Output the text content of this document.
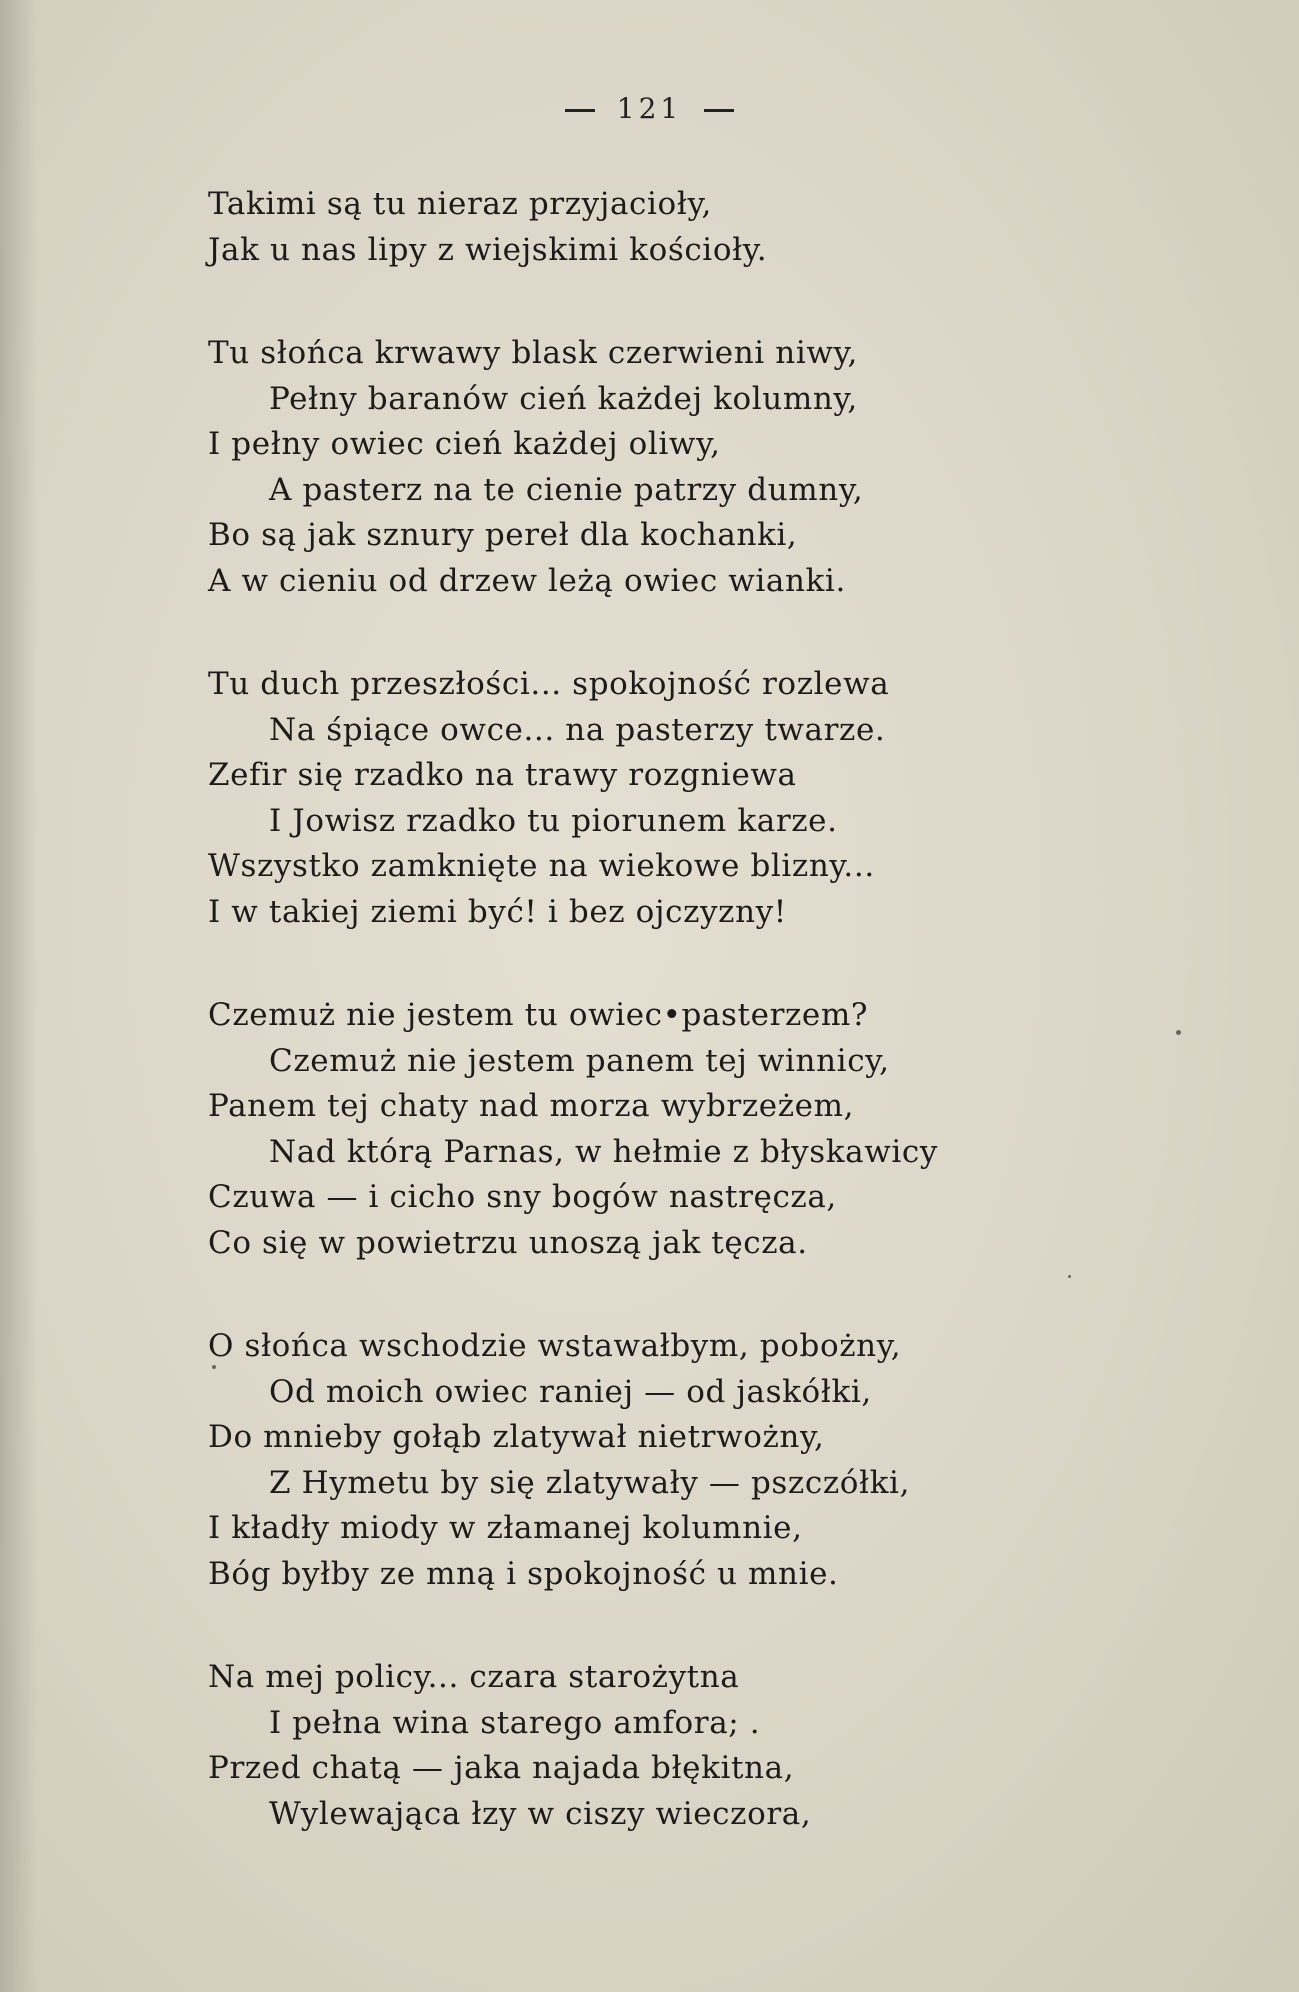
121
Takimi są tu nieraz przyjacioły,
Jak u nas lipy z wiejskimi kościoły.
Tu słońca krwawy blask czerwieni niwy,
Pełny baranów cień każdej kolumny,
I pełny owiec cień każdej oliwy,
A pasterz na te cienie patrzy dumny,
Bo są jak sznury pereł dla kochanki,
A w cieniu od drzew leżą owiec wianki.
Tu duch przeszłości... spokojność rozlewa
Na śpiące owce... na pasterzy twarze.
Zefir się rzadko na trawy rozgniewa
I Jowisz rzadko tu piorunem karze.
Wszystko zamknięte na wiekowe blizny...
I w takiej ziemi być! i bez ojczyzny!
Czemuż nie jestem tu owiec•pasterzem?
Czemuż nie jestem panem tej winnicy,
Panem tej chaty nad morza wybrzeżem,
Nad którą Parnas, w hełmie z błyskawicy
Czuwa — i cicho sny bogów nastręcza,
Co się w powietrzu unoszą jak tęcza.
O słońca wschodzie wstawałbym, pobożny,
Od moich owiec raniej — od jaskółki,
Do mnieby gołąb zlatywał nietrwożny,
Z Hymetu by się zlatywały — pszczółki,
I kładły miody w złamanej kolumnie,
Bóg byłby ze mną i spokojność u mnie.
Na mej policy... czara starożytna
I pełna wina starego amfora; .
Przed chatą — jaka najada błękitna,
Wylewająca łzy w ciszy wieczora,
